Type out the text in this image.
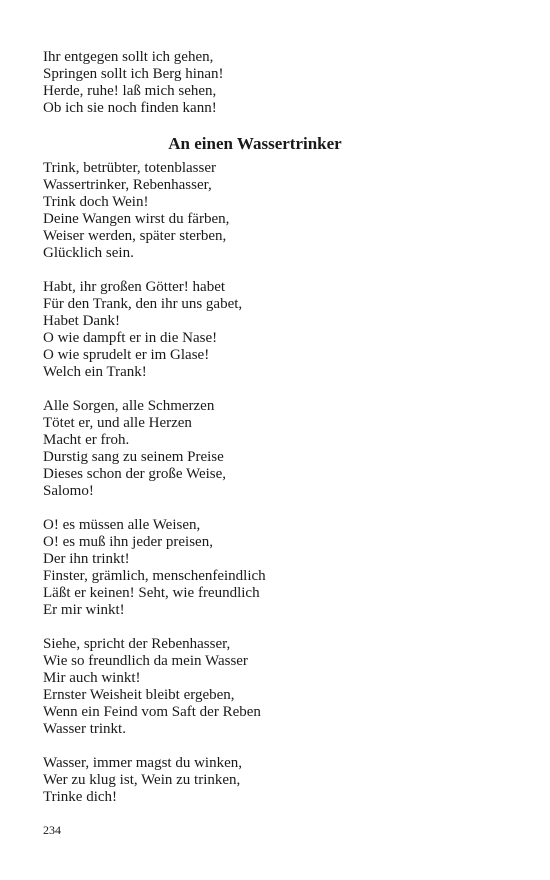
Ihr entgegen sollt ich gehen,
Springen sollt ich Berg hinan!
Herde, ruhe! laß mich sehen,
Ob ich sie noch finden kann!
An einen Wassertrinker
Trink, betrübter, totenblasser
Wassertrinker, Rebenhasser,
Trink doch Wein!
Deine Wangen wirst du färben,
Weiser werden, später sterben,
Glücklich sein.
Habt, ihr großen Götter! habet
Für den Trank, den ihr uns gabet,
Habet Dank!
O wie dampft er in die Nase!
O wie sprudelt er im Glase!
Welch ein Trank!
Alle Sorgen, alle Schmerzen
Tötet er, und alle Herzen
Macht er froh.
Durstig sang zu seinem Preise
Dieses schon der große Weise,
Salomo!
O! es müssen alle Weisen,
O! es muß ihn jeder preisen,
Der ihn trinkt!
Finster, grämlich, menschenfeindlich
Läßt er keinen! Seht, wie freundlich
Er mir winkt!
Siehe, spricht der Rebenhasser,
Wie so freundlich da mein Wasser
Mir auch winkt!
Ernster Weisheit bleibt ergeben,
Wenn ein Feind vom Saft der Reben
Wasser trinkt.
Wasser, immer magst du winken,
Wer zu klug ist, Wein zu trinken,
Trinke dich!
234
